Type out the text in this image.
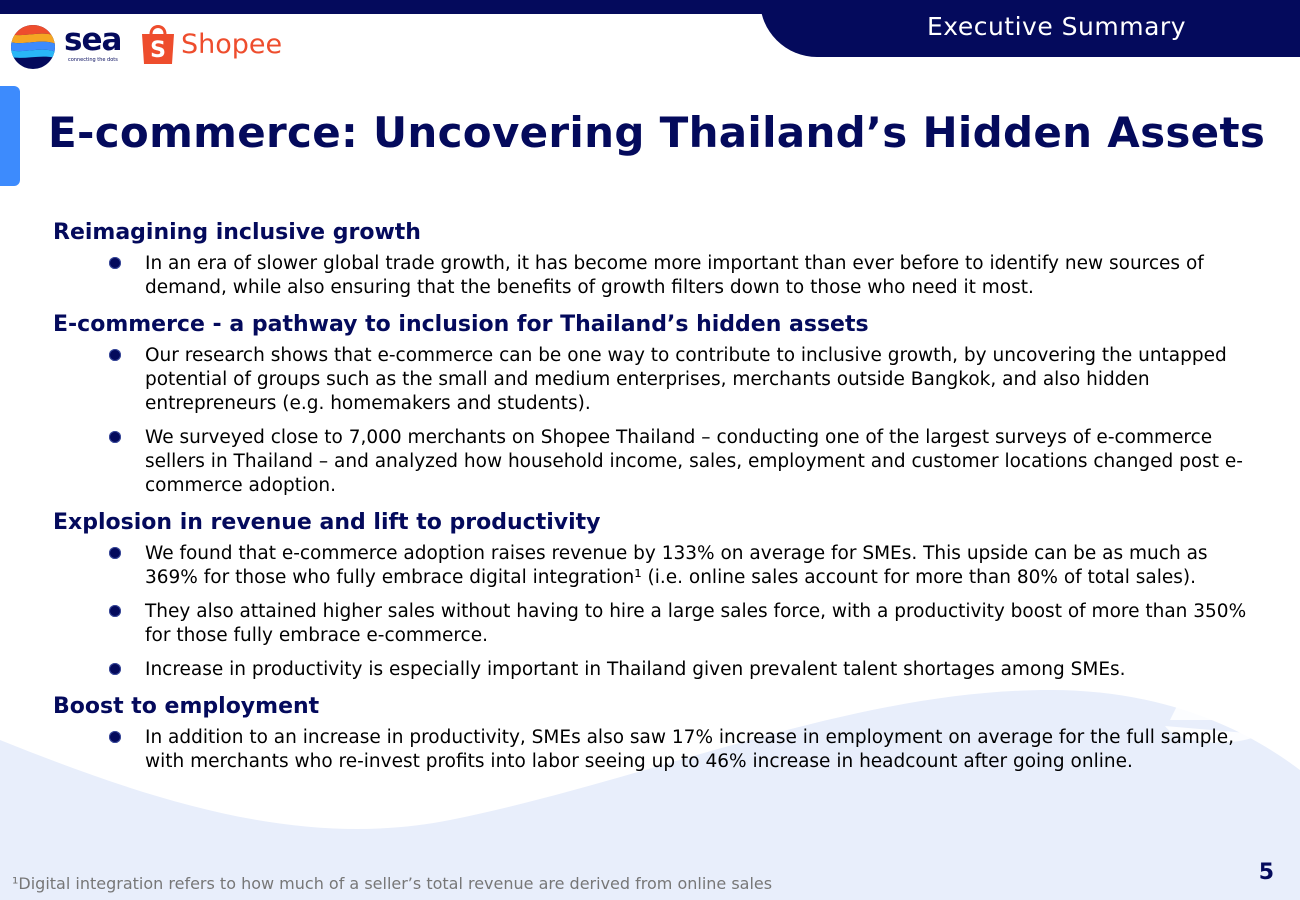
Executive Summary
sea
connecting the dots S Shopee
E-commerce: Uncovering Thailand’s Hidden Assets
Reimagining inclusive growth
In an era of slower global trade growth, it has become more important than ever before to identify new sources of demand, while also ensuring that the benefits of growth filters down to those who need it most.
E-commerce - a pathway to inclusion for Thailand’s hidden assets
Our research shows that e-commerce can be one way to contribute to inclusive growth, by uncovering the untapped potential of groups such as the small and medium enterprises, merchants outside Bangkok, and also hidden entrepreneurs (e.g. homemakers and students).
We surveyed close to 7,000 merchants on Shopee Thailand – conducting one of the largest surveys of e-commerce sellers in Thailand – and analyzed how household income, sales, employment and customer locations changed post e-commerce adoption.
Explosion in revenue and lift to productivity
We found that e-commerce adoption raises revenue by 133% on average for SMEs. This upside can be as much as 369% for those who fully embrace digital integration¹ (i.e. online sales account for more than 80% of total sales).
They also attained higher sales without having to hire a large sales force, with a productivity boost of more than 350% for those fully embrace e-commerce.
Increase in productivity is especially important in Thailand given prevalent talent shortages among SMEs.
Boost to employment
In addition to an increase in productivity, SMEs also saw 17% increase in employment on average for the full sample, with merchants who re-invest profits into labor seeing up to 46% increase in headcount after going online.
¹Digital integration refers to how much of a seller’s total revenue are derived from online sales	5
